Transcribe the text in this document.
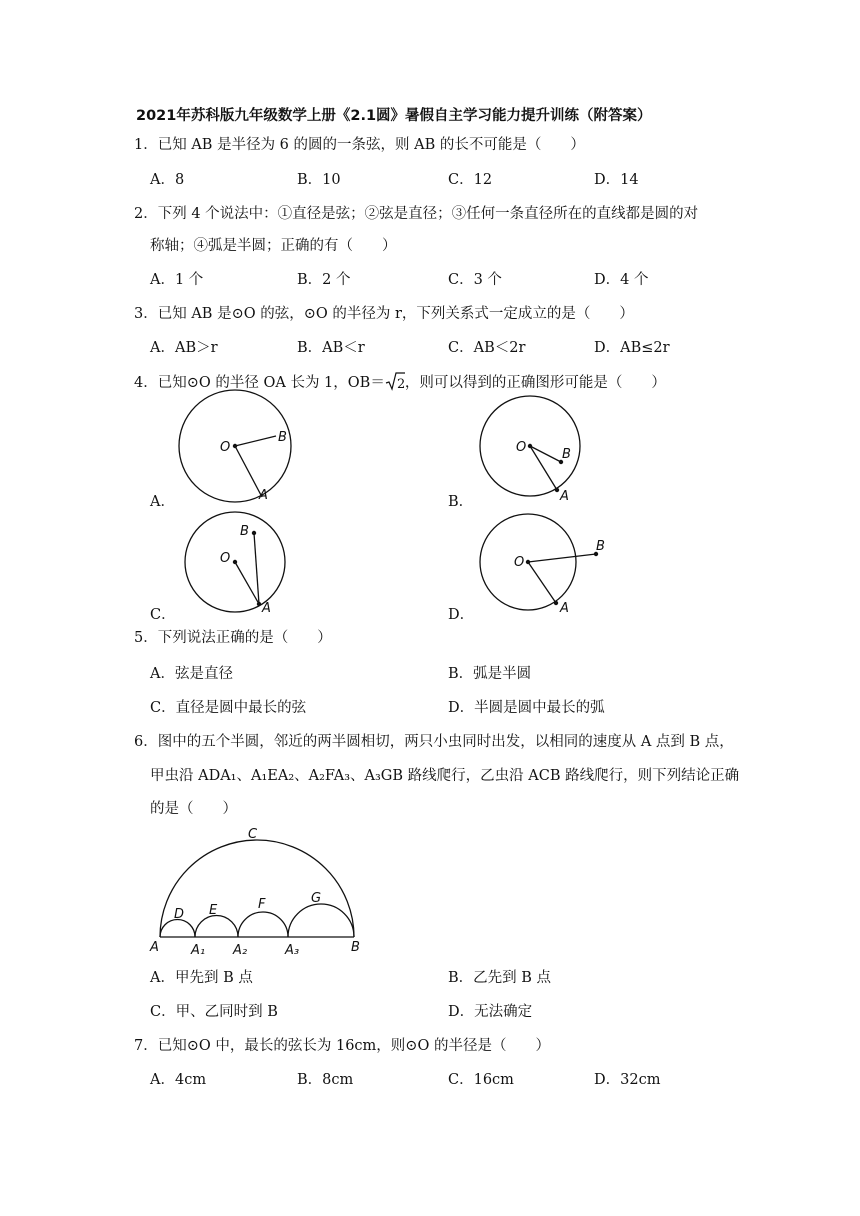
2021年苏科版九年级数学上册《2.1圆》暑假自主学习能力提升训练（附答案）
1．已知 AB 是半径为 6 的圆的一条弦，则 AB 的长不可能是（　　）
A．8	B．10	C．12	D．14
2．下列 4 个说法中：①直径是弦；②弦是直径；③任何一条直径所在的直线都是圆的对
称轴；④弧是半圆；正确的有（　　）
A．1 个	B．2 个	C．3 个	D．4 个
3．已知 AB 是⊙O 的弦，⊙O 的半径为 r，下列关系式一定成立的是（　　）
A．AB＞r	B．AB＜r	C．AB＜2r	D．AB≤2r
4．已知⊙O 的半径 OA 长为 1，OB＝ 2 ，则可以得到的正确图形可能是（　　）
A．	B．
C．	D．
O
B
A
O	B
A
O
B
A
O
B
A
C
D E	F	G
A A₁ A₂	A₃	B
5．下列说法正确的是（　　）
A．弦是直径	B．弧是半圆
C．直径是圆中最长的弦	D．半圆是圆中最长的弧
6．图中的五个半圆，邻近的两半圆相切，两只小虫同时出发，以相同的速度从 A 点到 B 点，
甲虫沿 ADA₁、A₁EA₂、A₂FA₃、A₃GB 路线爬行，乙虫沿 ACB 路线爬行，则下列结论正确
的是（　　）
A．甲先到 B 点	B．乙先到 B 点
C．甲、乙同时到 B	D．无法确定
7．已知⊙O 中，最长的弦长为 16cm，则⊙O 的半径是（　　）
A．4cm	B．8cm	C．16cm	D．32cm
